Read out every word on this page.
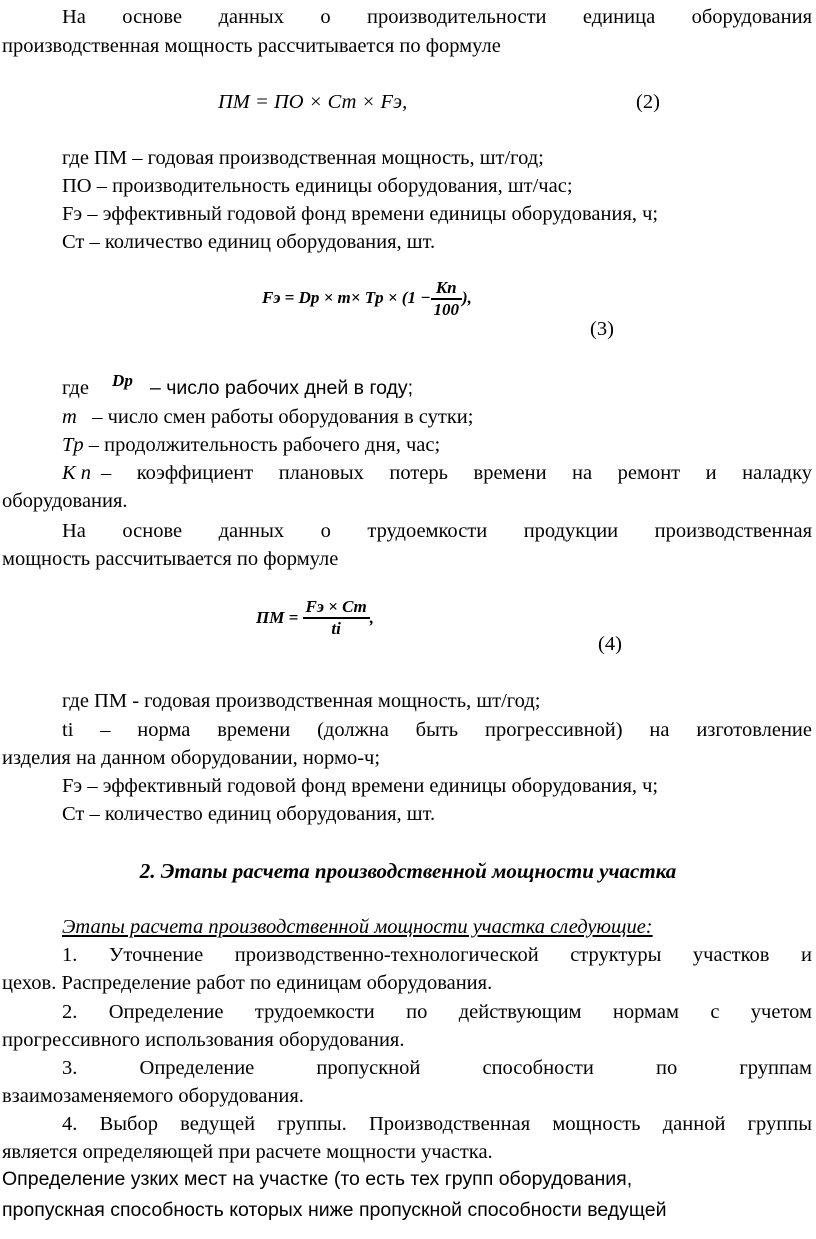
На основе данных о производительности единица оборудования
производственная мощность рассчитывается по формуле
ПМ = ПО × Ст × Fэ,	(2)
где ПМ – годовая производственная мощность, шт/год;
ПО – производительность единицы оборудования, шт/час;
Fэ – эффективный годовой фонд времени единицы оборудования, ч;
Ст – количество единиц оборудования, шт.
Fэ = $Dp \times m\times Tp \times (1 - \frac{Kn}{100}$ ),
(3)
где $^{Dp}$ – число рабочих дней в году;
m – число смен работы оборудования в сутки;
Tp – продолжительность рабочего дня, час;
К п – коэффициент плановых потерь времени на ремонт и наладку
оборудования.
На основе данных о трудоемкости продукции производственная
мощность рассчитывается по формуле
ПМ = $\frac{Fэ \times Cm}{ti}$ ,
(4)
где ПМ - годовая производственная мощность, шт/год;
ti – норма времени (должна быть прогрессивной) на изготовление
изделия на данном оборудовании, нормо-ч;
Fэ – эффективный годовой фонд времени единицы оборудования, ч;
Ст – количество единиц оборудования, шт.
2. Этапы расчета производственной мощности участка
Этапы расчета производственной мощности участка следующие:
1. Уточнение производственно-технологической структуры участков и
цехов. Распределение работ по единицам оборудования.
2. Определение трудоемкости по действующим нормам с учетом
прогрессивного использования оборудования.
3. Определение пропускной способности по группам
взаимозаменяемого оборудования.
4. Выбор ведущей группы. Производственная мощность данной группы
является определяющей при расчете мощности участка.
Определение узких мест на участке (то есть тех групп оборудования,
пропускная способность которых ниже пропускной способности ведущей
